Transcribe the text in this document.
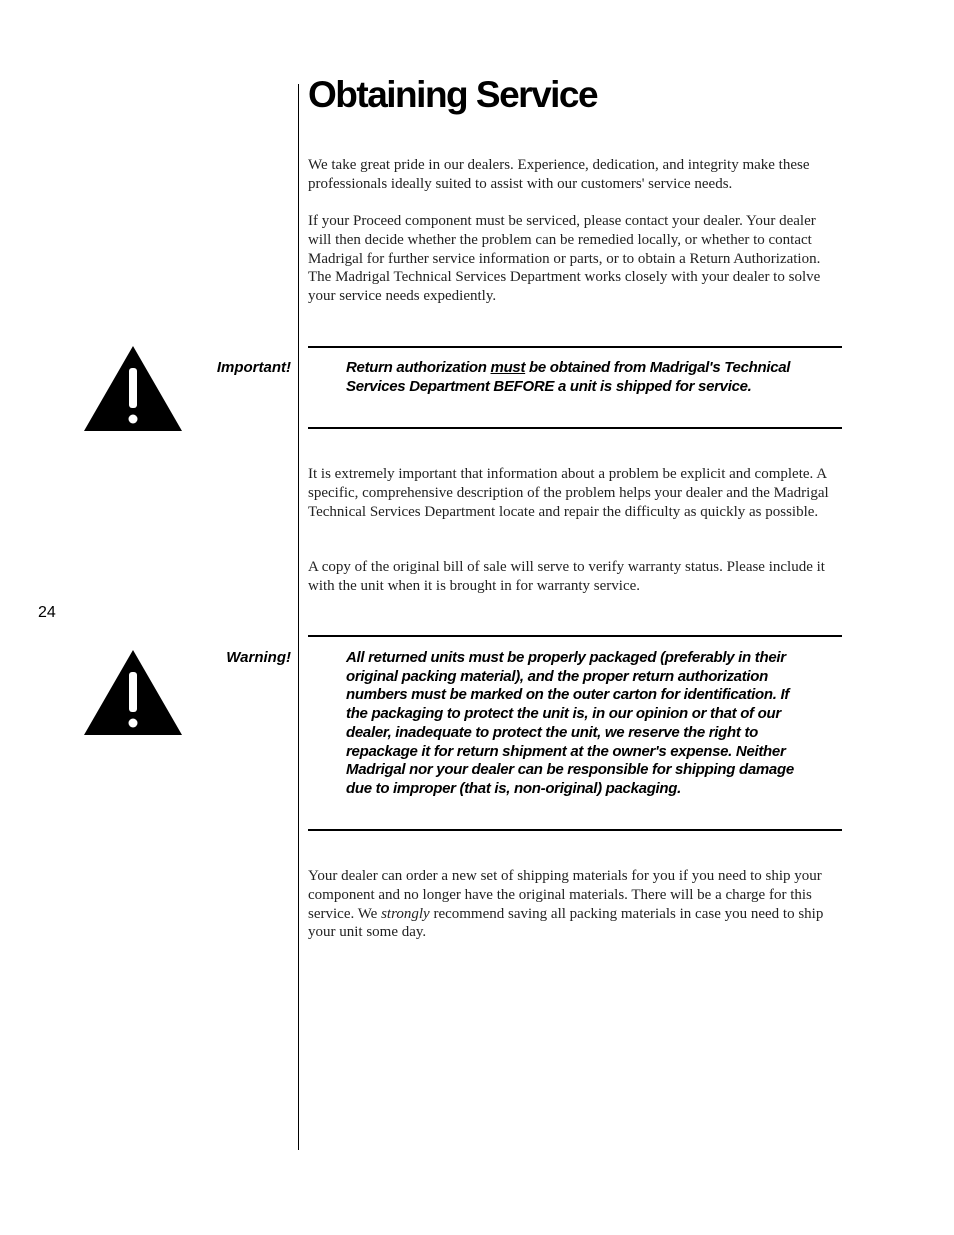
Obtaining Service

We take great pride in our dealers. Experience, dedication, and integrity make these professionals ideally suited to assist with our customers' service needs.

If your Proceed component must be serviced, please contact your dealer. Your dealer will then decide whether the problem can be remedied locally, or whether to contact Madrigal for further service information or parts, or to obtain a Return Authorization. The Madrigal Technical Services Department works closely with your dealer to solve your service needs expediently.

Important!	Return authorization must be obtained from Madrigal's Technical Services Department BEFORE a unit is shipped for service.

It is extremely important that information about a problem be explicit and complete. A specific, comprehensive description of the problem helps your dealer and the Madrigal Technical Services Department locate and repair the difficulty as quickly as possible.

A copy of the original bill of sale will serve to verify warranty status. Please include it with the unit when it is brought in for warranty service.

24
Warning!	All returned units must be properly packaged (preferably in their original packing material), and the proper return authorization numbers must be marked on the outer carton for identification. If the packaging to protect the unit is, in our opinion or that of our dealer, inadequate to protect the unit, we reserve the right to repackage it for return shipment at the owner's expense. Neither Madrigal nor your dealer can be responsible for shipping damage due to improper (that is, non-original) packaging.

Your dealer can order a new set of shipping materials for you if you need to ship your component and no longer have the original materials. There will be a charge for this service. We strongly recommend saving all packing materials in case you need to ship your unit some day.
